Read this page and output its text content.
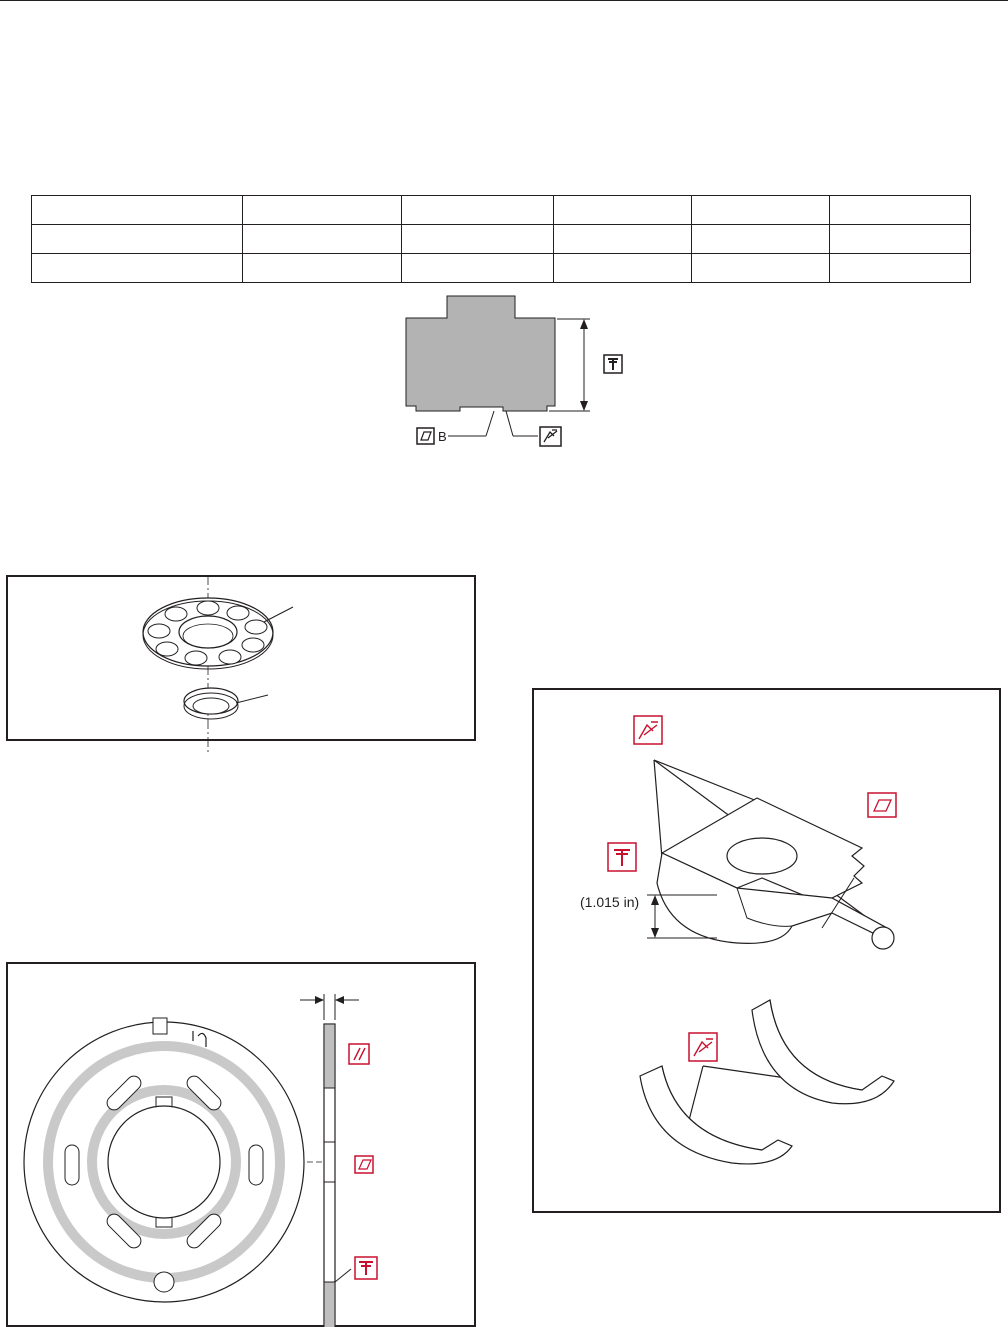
B
(1.015 in)
